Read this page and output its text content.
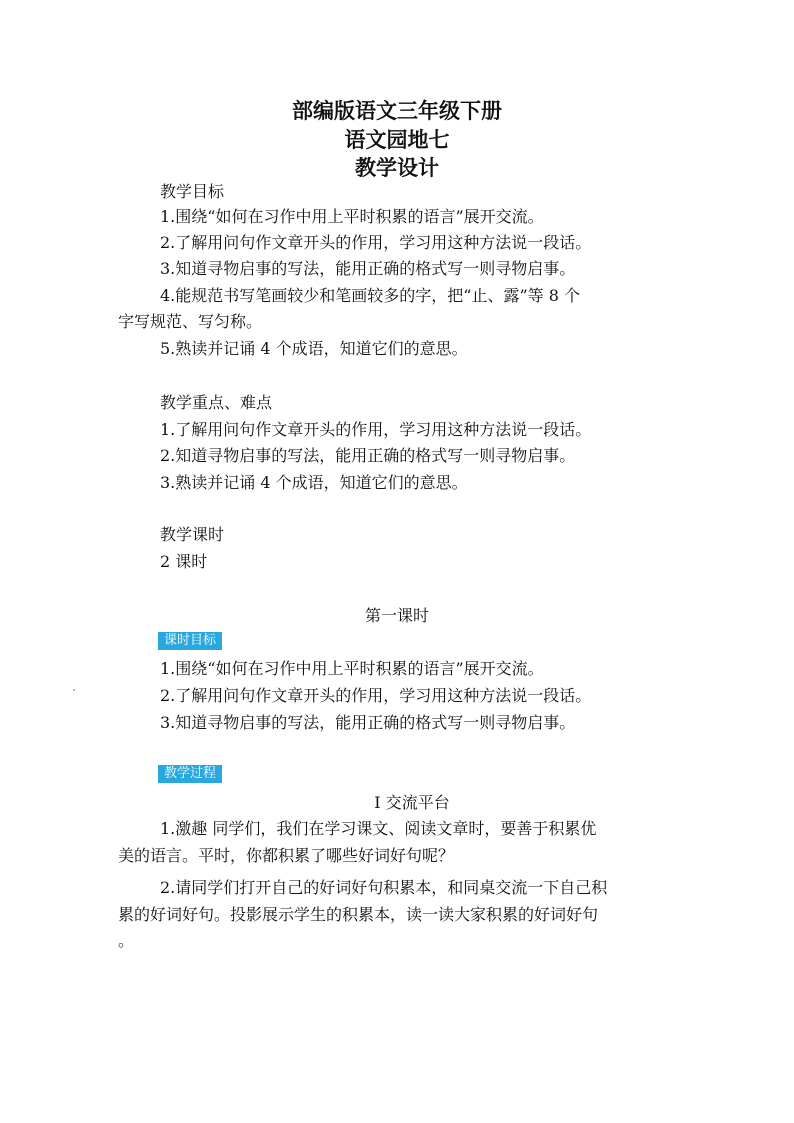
部编版语文三年级下册
语文园地七
教学设计
教学目标
1.围绕“如何在习作中用上平时积累的语言”展开交流。
2.了解用问句作文章开头的作用，学习用这种方法说一段话。
3.知道寻物启事的写法，能用正确的格式写一则寻物启事。
4.能规范书写笔画较少和笔画较多的字，把“止、露”等 8 个
字写规范、写匀称。
5.熟读并记诵 4 个成语，知道它们的意思。
教学重点、难点
1.了解用问句作文章开头的作用，学习用这种方法说一段话。
2.知道寻物启事的写法，能用正确的格式写一则寻物启事。
3.熟读并记诵 4 个成语，知道它们的意思。
教学课时
2 课时
第一课时
课时目标
1.围绕“如何在习作中用上平时积累的语言”展开交流。
2.了解用问句作文章开头的作用，学习用这种方法说一段话。
3.知道寻物启事的写法，能用正确的格式写一则寻物启事。
教学过程
Ⅰ 交流平台
1.激趣 同学们，我们在学习课文、阅读文章时，要善于积累优
美的语言。平时，你都积累了哪些好词好句呢？
2.请同学们打开自己的好词好句积累本，和同桌交流一下自己积
累的好词好句。投影展示学生的积累本，读一读大家积累的好词好句
。
